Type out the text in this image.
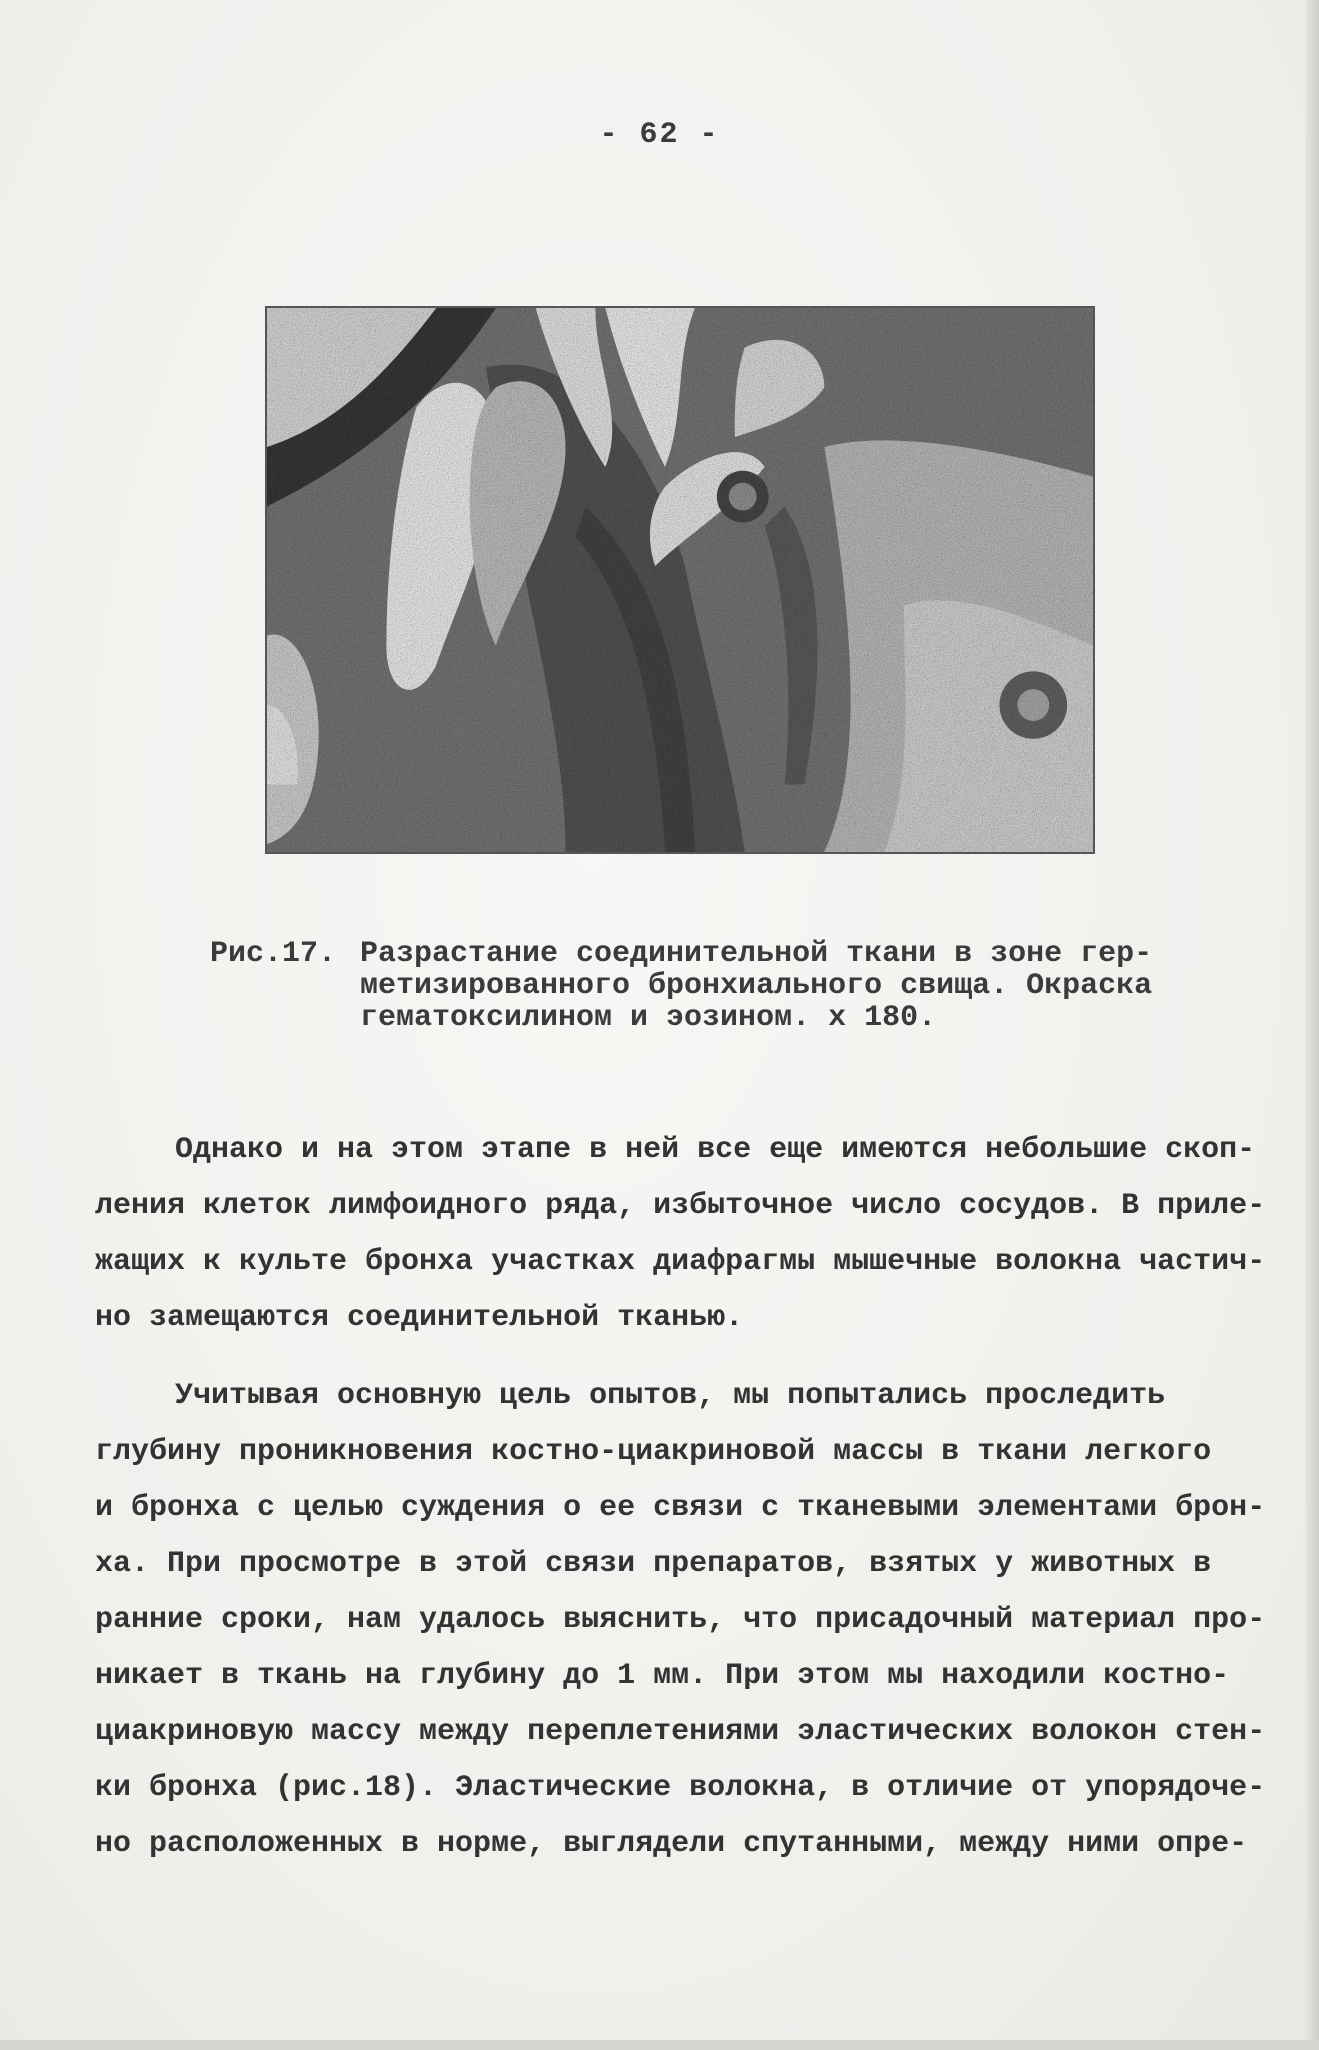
- 62 -
Рис.17. Разрастание соединительной ткани в зоне гер-
метизированного бронхиального свища. Окраска
гематоксилином и эозином. х 180.
Однако и на этом этапе в ней все еще имеются небольшие скоп-
ления клеток лимфоидного ряда, избыточное число сосудов. В приле-
жащих к культе бронха участках диафрагмы мышечные волокна частич-
но замещаются соединительной тканью.
Учитывая основную цель опытов, мы попытались проследить
глубину проникновения костно-циакриновой массы в ткани легкого
и бронха с целью суждения о ее связи с тканевыми элементами брон-
ха. При просмотре в этой связи препаратов, взятых у животных в
ранние сроки, нам удалось выяснить, что присадочный материал про-
никает в ткань на глубину до 1 мм. При этом мы находили костно-
циакриновую массу между переплетениями эластических волокон стен-
ки бронха (рис.18). Эластические волокна, в отличие от упорядоче-
но расположенных в норме, выглядели спутанными, между ними опре-
